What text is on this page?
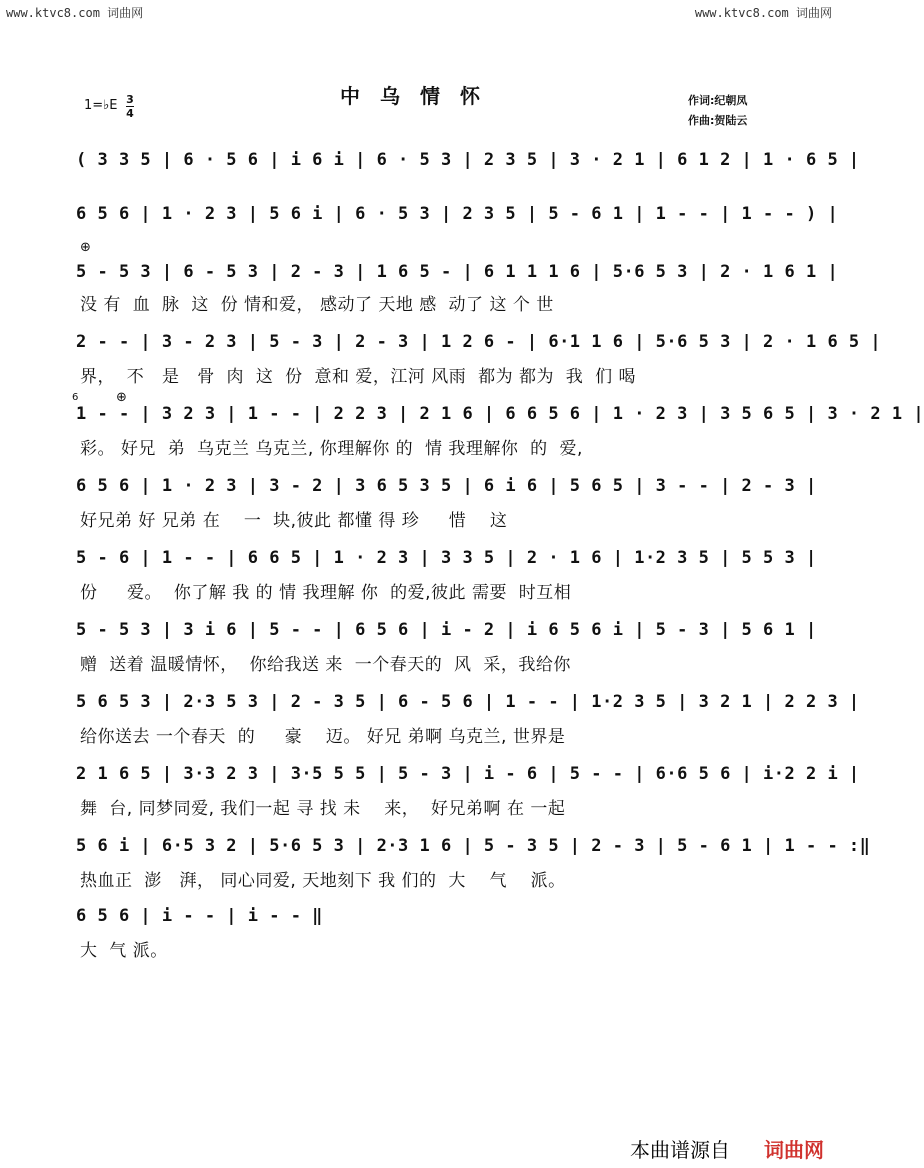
www.ktvc8.com 词曲网	www.ktvc8.com 词曲网
中乌情怀
1=♭E 3
4
作词:纪朝凤
作曲:贺陆云
( 3 3 5 | 6 · 5 6 | i 6 i | 6 · 5 3 | 2 3 5 | 3 · 2 1 | 6 1 2 | 1 · 6 5 |
6 5 6 | 1 · 2 3 | 5 6 i | 6 · 5 3 | 2 3 5 | 5 - 6 1 | 1 - - | 1 - - ) |
⊕
5 - 5 3 | 6 - 5 3 | 2 - 3 | 1 6 5 - | 6 1 1 1 6 | 5·6 5 3 | 2 · 1 6 1 |
没 有  血  脉  这  份 情和爱， 感动了 天地 感  动了 这 个 世
2 - - | 3 - 2 3 | 5 - 3 | 2 - 3 | 1 2 6 - | 6·1 1 6 | 5·6 5 3 | 2 · 1 6 5 |
界，  不   是   骨  肉  这  份  意和 爱，江河 风雨  都为 都为  我  们 喝
⊕
6
1 - - | 3 2 3 | 1 - - | 2 2 3 | 2 1 6 | 6 6 5 6 | 1 · 2 3 | 3 5 6 5 | 3 · 2 1 |
彩。 好兄  弟  乌克兰 乌克兰, 你理解你 的  情 我理解你  的  爱,
6 5 6 | 1 · 2 3 | 3 - 2 | 3 6 5 3 5 | 6 i 6 | 5 6 5 | 3 - - | 2 - 3 |
好兄弟 好 兄弟 在    一  块,彼此 都懂 得 珍     惜    这
5 - 6 | 1 - - | 6 6 5 | 1 · 2 3 | 3 3 5 | 2 · 1 6 | 1·2 3 5 | 5 5 3 |
份     爱。  你了解 我 的 情 我理解 你  的爱,彼此 需要  时互相
5 - 5 3 | 3 i 6 | 5 - - | 6 5 6 | i - 2 | i 6 5 6 i | 5 - 3 | 5 6 1 |
赠  送着 温暖情怀，  你给我送 来  一个春天的  风  采，我给你
5 6 5 3 | 2·3 5 3 | 2 - 3 5 | 6 - 5 6 | 1 - - | 1·2 3 5 | 3 2 1 | 2 2 3 |
给你送去 一个春天  的     豪    迈。 好兄 弟啊 乌克兰, 世界是
2 1 6 5 | 3·3 2 3 | 3·5 5 5 | 5 - 3 | i - 6 | 5 - - | 6·6 5 6 | i·2 2 i |
舞  台, 同梦同爱, 我们一起 寻 找 未    来，  好兄弟啊 在 一起
5 6 i | 6·5 3 2 | 5·6 5 3 | 2·3 1 6 | 5 - 3 5 | 2 - 3 | 5 - 6 1 | 1 - - :‖
热血正  澎   湃， 同心同爱, 天地刻下 我 们的  大    气    派。
6 5 6 | i - - | i - - ‖
大  气 派。
本曲谱源自 词曲网
